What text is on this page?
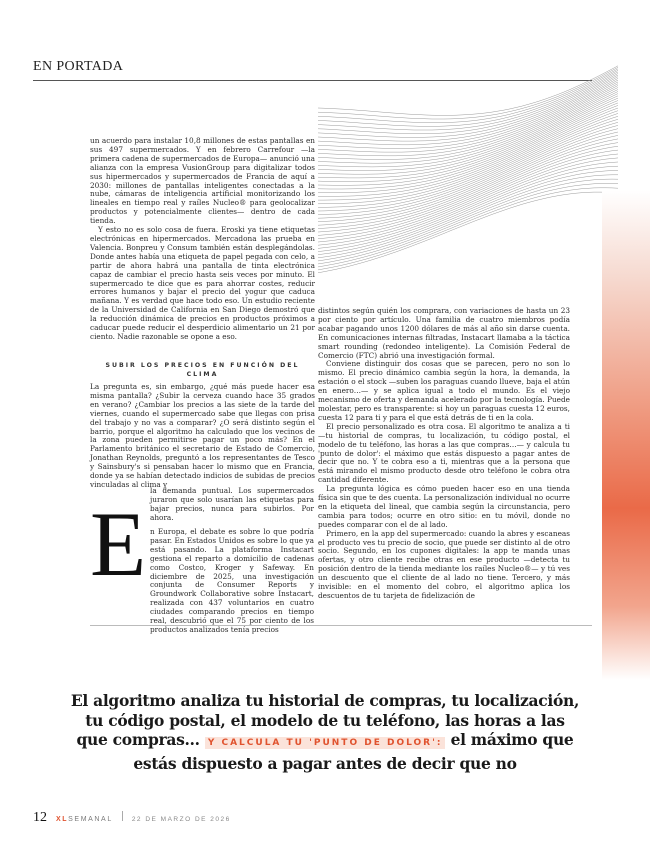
EN PORTADA

un acuerdo para instalar 10,8 millones de estas pantallas en sus 497 supermercados. Y en febrero Carrefour —la primera cadena de supermercados de Europa— anunció una alianza con la empresa VusionGroup para digitalizar todos sus hipermercados y supermercados de Francia de aquí a 2030: millones de pantallas inteligentes conectadas a la nube, cámaras de inteligencia artificial monitorizando los lineales en tiempo real y raíles Nucleo® para geolocalizar productos y potencialmente clientes— dentro de cada tienda.

Y esto no es solo cosa de fuera. Eroski ya tiene etiquetas electrónicas en hipermercados. Mercadona las prueba en Valencia. Bonpreu y Consum también están desplegándolas. Donde antes había una etiqueta de papel pegada con celo, a partir de ahora habrá una pantalla de tinta electrónica capaz de cambiar el precio hasta seis veces por minuto. El supermercado te dice que es para ahorrar costes, reducir errores humanos y bajar el precio del yogur que caduca mañana. Y es verdad que hace todo eso. Un estudio reciente de la Universidad de California en San Diego demostró que la reducción dinámica de precios en productos próximos a caducar puede reducir el desperdicio alimentario un 21 por ciento. Nadie razonable se opone a eso.

SUBIR LOS PRECIOS EN FUNCIÓN DEL CLIMA

La pregunta es, sin embargo, ¿qué más puede hacer esa misma pantalla? ¿Subir la cerveza cuando hace 35 grados en verano? ¿Cambiar los precios a las siete de la tarde del viernes, cuando el supermercado sabe que llegas con prisa del trabajo y no vas a comparar? ¿O será distinto según el barrio, porque el algoritmo ha calculado que los vecinos de la zona pueden permitirse pagar un poco más? En el Parlamento británico el secretario de Estado de Comercio, Jonathan Reynolds, preguntó a los representantes de Tesco y Sainsbury's si pensaban hacer lo mismo que en Francia, donde ya se habían detectado indicios de subidas de precios vinculadas al clima y

la demanda puntual. Los supermercados juraron que solo usarían las etiquetas para bajar precios, nunca para subirlos. Por ahora.

E n Europa, el debate es sobre lo que podría pasar. En Estados Unidos es sobre lo que ya está pasando. La plataforma Instacart gestiona el reparto a domicilio de cadenas como Costco, Kroger y Safeway. En diciembre de 2025, una investigación conjunta de Consumer Reports y Groundwork Collaborative sobre Instacart, realizada con 437 voluntarios en cuatro ciudades comparando precios en tiempo real, descubrió que el 75 por ciento de los productos analizados tenía precios

distintos según quién los comprara, con variaciones de hasta un 23 por ciento por artículo. Una familia de cuatro miembros podía acabar pagando unos 1200 dólares de más al año sin darse cuenta. En comunicaciones internas filtradas, Instacart llamaba a la táctica smart rounding (redondeo inteligente). La Comisión Federal de Comercio (FTC) abrió una investigación formal.

Conviene distinguir dos cosas que se parecen, pero no son lo mismo. El precio dinámico cambia según la hora, la demanda, la estación o el stock —suben los paraguas cuando llueve, baja el atún en enero…— y se aplica igual a todo el mundo. Es el viejo mecanismo de oferta y demanda acelerado por la tecnología. Puede molestar, pero es transparente: si hoy un paraguas cuesta 12 euros, cuesta 12 para ti y para el que está detrás de ti en la cola.

El precio personalizado es otra cosa. El algoritmo te analiza a ti —tu historial de compras, tu localización, tu código postal, el modelo de tu teléfono, las horas a las que compras…— y calcula tu 'punto de dolor': el máximo que estás dispuesto a pagar antes de decir que no. Y te cobra eso a ti, mientras que a la persona que está mirando el mismo producto desde otro teléfono le cobra otra cantidad diferente.

La pregunta lógica es cómo pueden hacer eso en una tienda física sin que te des cuenta. La personalización individual no ocurre en la etiqueta del lineal, que cambia según la circunstancia, pero cambia para todos; ocurre en otro sitio: en tu móvil, donde no puedes comparar con el de al lado.

Primero, en la app del supermercado: cuando la abres y escaneas el producto ves tu precio de socio, que puede ser distinto al de otro socio. Segundo, en los cupones digitales: la app te manda unas ofertas, y otro cliente recibe otras en ese producto —detecta tu posición dentro de la tienda mediante los raíles Nucleo®— y tú ves un descuento que el cliente de al lado no tiene. Tercero, y más invisible: en el momento del cobro, el algoritmo aplica los descuentos de tu tarjeta de fidelización de

El algoritmo analiza tu historial de compras, tu localización, tu código postal, el modelo de tu teléfono, las horas a las que compras… Y CALCULA TU 'PUNTO DE DOLOR': el máximo que estás dispuesto a pagar antes de decir que no
12 XLSEMANAL	22 DE MARZO DE 2026
